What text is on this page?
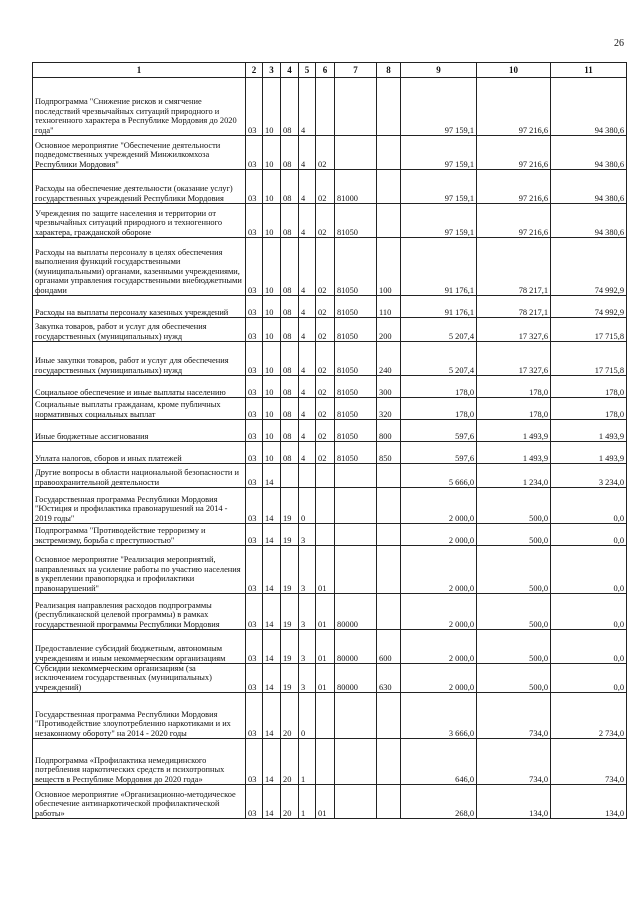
26
1	2	3	4	5	6	7	8	9	10	11
Подпрограмма "Снижение рисков и смягчение последствий чрезвычайных ситуаций природного и техногенного характера в Республике Мордовия до 2020 года"	03	10	08	4				97 159,1	97 216,6	94 380,6
Основное мероприятие "Обеспечение деятельности подведомственных учреждений Минжилкомхоза Республики Мордовия"	03	10	08	4	02			97 159,1	97 216,6	94 380,6
Расходы на обеспечение деятельности (оказание услуг) государственных учреждений Республики Мордовия	03	10	08	4	02	81000		97 159,1	97 216,6	94 380,6
Учреждения по защите населения и территории от чрезвычайных ситуаций природного и техногенного характера, гражданской обороне	03	10	08	4	02	81050		97 159,1	97 216,6	94 380,6
Расходы на выплаты персоналу в целях обеспечения выполнения функций государственными (муниципальными) органами, казенными учреждениями, органами управления государственными внебюджетными фондами	03	10	08	4	02	81050	100	91 176,1	78 217,1	74 992,9
Расходы на выплаты персоналу казенных учреждений	03	10	08	4	02	81050	110	91 176,1	78 217,1	74 992,9
Закупка товаров, работ и услуг для обеспечения государственных (муниципальных) нужд	03	10	08	4	02	81050	200	5 207,4	17 327,6	17 715,8
Иные закупки товаров, работ и услуг для обеспечения государственных (муниципальных) нужд	03	10	08	4	02	81050	240	5 207,4	17 327,6	17 715,8
Социальное обеспечение и иные выплаты населению	03	10	08	4	02	81050	300	178,0	178,0	178,0
Социальные выплаты гражданам, кроме публичных нормативных социальных выплат	03	10	08	4	02	81050	320	178,0	178,0	178,0
Иные бюджетные ассигнования	03	10	08	4	02	81050	800	597,6	1 493,9	1 493,9
Уплата налогов, сборов и иных платежей	03	10	08	4	02	81050	850	597,6	1 493,9	1 493,9
Другие вопросы в области национальной безопасности и правоохранительной деятельности	03	14						5 666,0	1 234,0	3 234,0
Государственная программа Республики Мордовия "Юстиция и профилактика правонарушений на 2014 - 2019 годы"	03	14	19	0				2 000,0	500,0	0,0
Подпрограмма "Противодействие терроризму и экстремизму, борьба с преступностью"	03	14	19	3				2 000,0	500,0	0,0
Основное мероприятие "Реализация мероприятий, направленных на усиление работы по участию населения в укреплении правопорядка и профилактики правонарушений"	03	14	19	3	01			2 000,0	500,0	0,0
Реализация направления расходов подпрограммы (республиканской целевой программы) в рамках государственной программы Республики Мордовия	03	14	19	3	01	80000		2 000,0	500,0	0,0
Предоставление субсидий бюджетным, автономным учреждениям и иным некоммерческим организациям	03	14	19	3	01	80000	600	2 000,0	500,0	0,0
Субсидии некоммерческим организациям (за исключением государственных (муниципальных) учреждений)	03	14	19	3	01	80000	630	2 000,0	500,0	0,0
Государственная программа Республики Мордовия "Противодействие злоупотреблению наркотиками и их незаконному обороту" на 2014 - 2020 годы	03	14	20	0				3 666,0	734,0	2 734,0
Подпрограмма «Профилактика немедицинского потребления наркотических средств и психотропных веществ в Республике Мордовия до 2020 года»	03	14	20	1				646,0	734,0	734,0
Основное мероприятие «Организационно-методическое обеспечение антинаркотической профилактической работы»	03	14	20	1	01			268,0	134,0	134,0
